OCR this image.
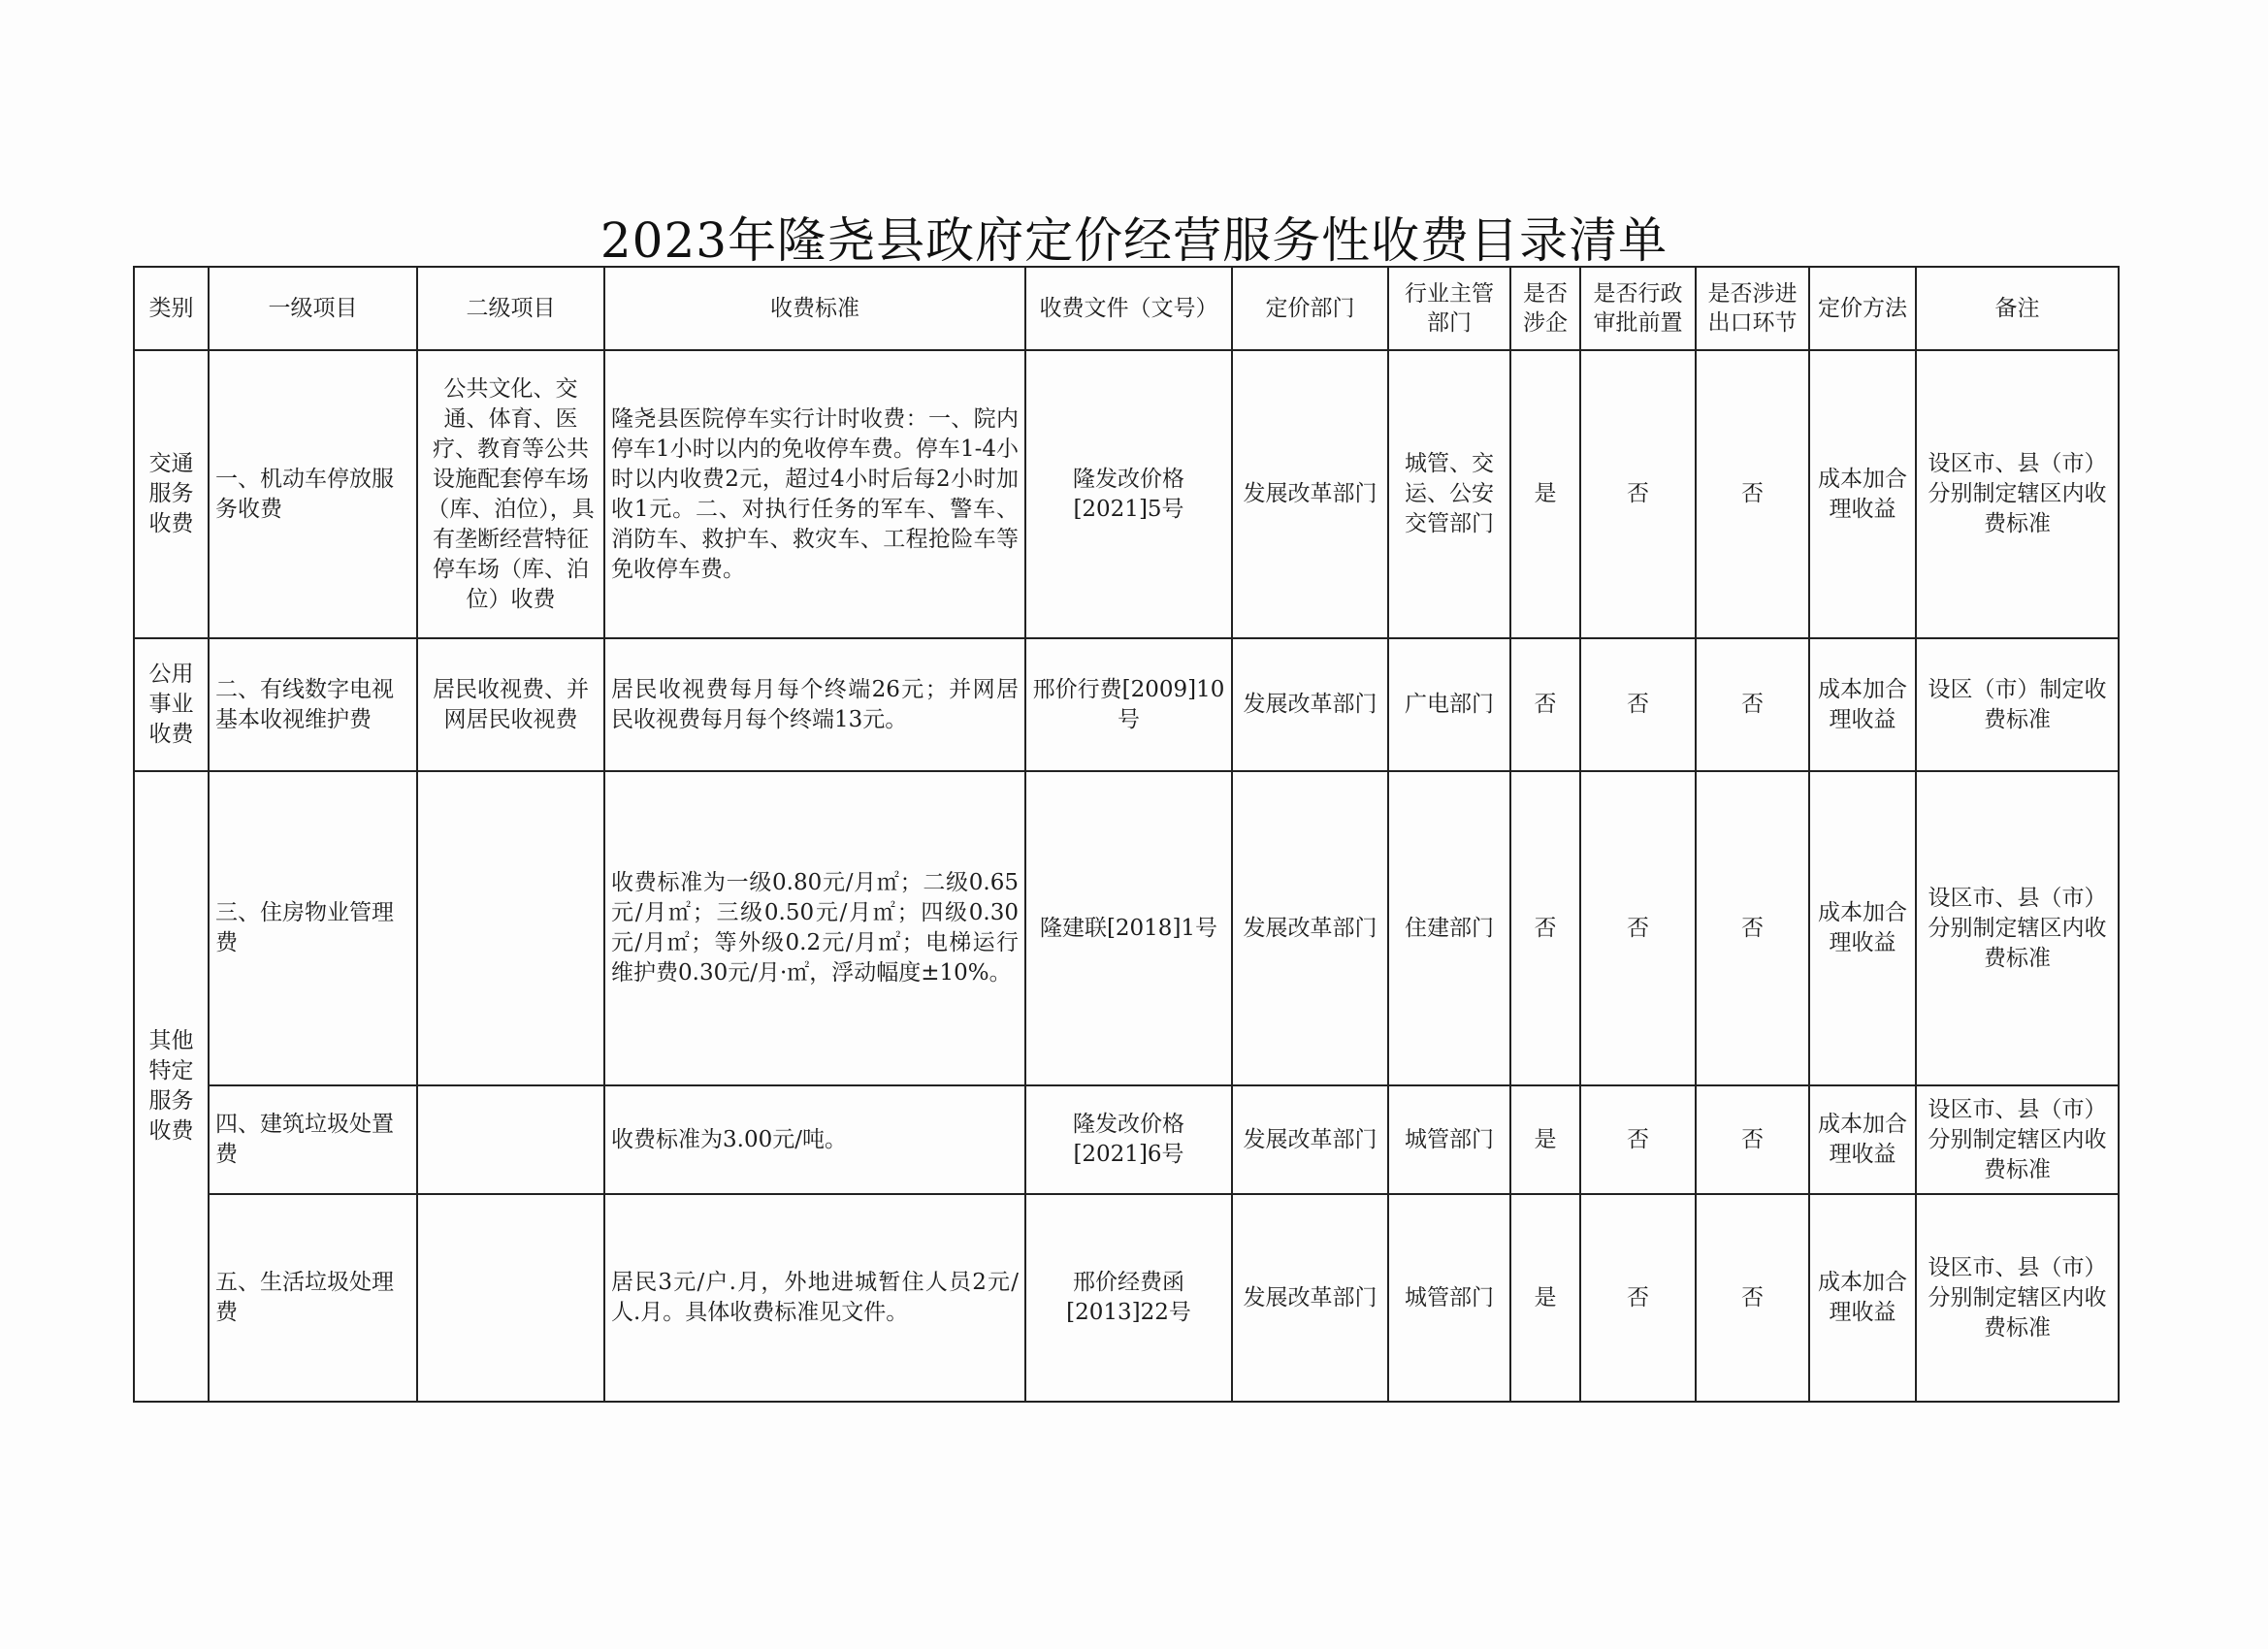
2023年隆尧县政府定价经营服务性收费目录清单
类别	一级项目	二级项目	收费标准	收费文件（文号）	定价部门	行业主管部门	是否涉企	是否行政审批前置	是否涉进出口环节	定价方法	备注
交通服务收费	一、机动车停放服务收费	公共文化、交通、体育、医疗、教育等公共设施配套停车场（库、泊位），具有垄断经营特征停车场（库、泊位）收费	隆尧县医院停车实行计时收费：一、院内停车1小时以内的免收停车费。停车1-4小时以内收费2元，超过4小时后每2小时加收1元。二、对执行任务的军车、警车、消防车、救护车、救灾车、工程抢险车等免收停车费。	隆发改价格[2021]5号	发展改革部门	城管、交运、公安交管部门	是	否	否	成本加合理收益	设区市、县（市）分别制定辖区内收费标准
公用事业收费	二、有线数字电视基本收视维护费	居民收视费、并网居民收视费	居民收视费每月每个终端26元；并网居民收视费每月每个终端13元。	邢价行费[2009]10号	发展改革部门	广电部门	否	否	否	成本加合理收益	设区（市）制定收费标准
其他特定服务收费	三、住房物业管理费		收费标准为一级0.80元/月㎡；二级0.65元/月㎡；三级0.50元/月㎡；四级0.30元/月㎡；等外级0.2元/月㎡；电梯运行维护费0.30元/月·㎡，浮动幅度±10%。	隆建联[2018]1号	发展改革部门	住建部门	否	否	否	成本加合理收益	设区市、县（市）分别制定辖区内收费标准
	四、建筑垃圾处置费		收费标准为3.00元/吨。	隆发改价格[2021]6号	发展改革部门	城管部门	是	否	否	成本加合理收益	设区市、县（市）分别制定辖区内收费标准
	五、生活垃圾处理费		居民3元/户.月，外地进城暂住人员2元/人.月。具体收费标准见文件。	邢价经费函[2013]22号	发展改革部门	城管部门	是	否	否	成本加合理收益	设区市、县（市）分别制定辖区内收费标准
